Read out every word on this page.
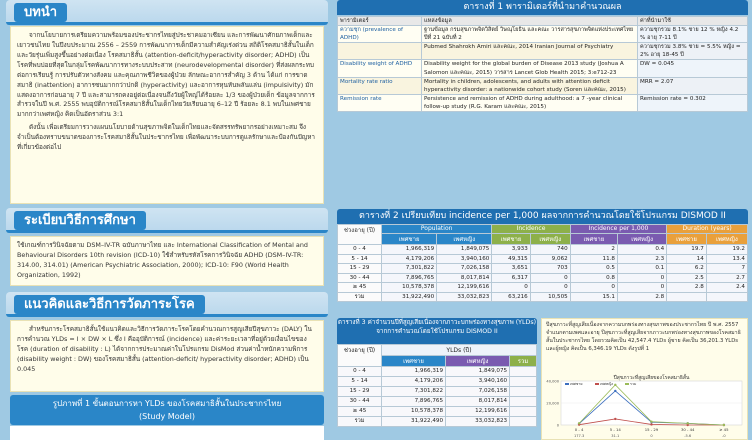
บทนำ

จากนโยบายการเตรียมความพร้อมของประชากรไทยสู่ประชาคมอาเซียน และการพัฒนาศักยภาพเด็กและเยาวชนไทย ในปีงบประมาณ 2556 – 2559 การพัฒนาการเด็กมีความสำคัญเร่งด่วน สถิติโรคสมาธิสั้นในเด็กและวัยรุ่นเพิ่มสูงขึ้นอย่างต่อเนื่อง โรคสมาธิสั้น (attention-deficit/hyperactivity disorder; ADHD) เป็นโรคที่พบบ่อยที่สุดในกลุ่มโรคพัฒนาการทางระบบประสาท (neurodevelopmental disorder) ที่ส่งผลกระทบต่อการเรียนรู้ การปรับตัวทางสังคม และคุณภาพชีวิตของผู้ป่วย ลักษณะอาการสำคัญ 3 ด้าน ได้แก่ การขาดสมาธิ (inattention) อาการซนมากกว่าปกติ (hyperactivity) และอาการหุนหันพลันแล่น (impulsivity) มักแสดงอาการก่อนอายุ 7 ปี และสามารถคงอยู่ต่อเนื่องจนถึงวัยผู้ใหญ่ได้ร้อยละ 1/3 ของผู้ป่วยเด็ก ข้อมูลจากการสำรวจในปี พ.ศ. 2555 พบอุบัติการณ์โรคสมาธิสั้นในเด็กไทยวัยเรียนอายุ 6–12 ปี ร้อยละ 8.1 พบในเพศชายมากกว่าเพศหญิง คิดเป็นอัตราส่วน 3:1

ดังนั้น เพื่อเตรียมการวางแผนนโยบายด้านสุขภาพจิตในเด็กไทยและจัดสรรทรัพยากรอย่างเหมาะสม จึงจำเป็นต้องทราบขนาดของภาระโรคสมาธิสั้นในประชากรไทย เพื่อพัฒนาระบบการดูแลรักษาและป้องกันปัญหาที่เกี่ยวข้องต่อไป

ระเบียบวิธีการศึกษา

ใช้เกณฑ์การวินิจฉัยตาม DSM–IV-TR ฉบับภาษาไทย และ International Classification of Mental and Behavioural Disorders 10th revision (ICD-10) ใช้สำหรับรหัสโรคการวินิจฉัย ADHD (DSM–IV-TR: 314.00, 314.01) (American Psychiatric Association, 2000); ICD-10: F90 (World Health Organization, 1992)

แนวคิดและวิธีการวัดภาระโรค

สำหรับภาระโรคสมาธิสั้นใช้แนวคิดและวิธีการวัดภาระโรคโดยคำนวณการสูญเสียปีสุขภาวะ (DALY) ในการคำนวณ YLDs = I × DW × L ซึ่ง I คืออุบัติการณ์ (incidence) และค่าระยะเวลาที่อยู่ด้วยเงื่อนไขของโรค (duration of disability : L) ได้จากการประมาณค่าในโปรแกรม DisMod ส่วนค่าน้ำหนักความพิการ (disability weight : DW) ของโรคสมาธิสั้น (attention-deficit/ hyperactivity disorder; ADHD) เป็น 0.045

รูปภาพที่ 1 ขั้นตอนการหา YLDs ของโรคสมาธิสั้นในประชากรไทย
(Study Model)
ตารางที่ 1 พารามิเตอร์ที่นำมาคำนวณผล
พารามิเตอร์	แหล่งข้อมูล	ค่าที่นำมาใช้
ความชุก (prevalence of ADHD)	ฐานข้อมูล กรมสุขภาพจิตวิสิตย์ วิษณุโยธิน และคณะ วารสารสุขภาพจิตแห่งประเทศไทย ปีที่ 21 ฉบับที่ 2	ความชุกรวม 8.1% ชาย 12 % หญิง 4.2 % อายุ 7-11 ปี
	Pubmed Shahrokh Amiri และคณะ, 2014 Iranian Journal of Psychiatry	ความชุกรวม 3.8% ชาย = 5.5% หญิง = 2% อายุ 18-45 ปี
Disability weight of ADHD	Disability weight for the global burden of Disease 2013 study (Joshua A Salomon และคณะ, 2015) วารสาร Lancet Glob Health 2015; 3:e712-23	DW = 0.045
Mortality rate ratio	Mortality in children, adolescents, and adults with attention deficit hyperactivity disorder: a nationwide cohort study (Soren และคณะ, 2015)	MRR = 2.07
Remission rate	Persistence and remission of ADHD during adulthood: a 7 -year clinical follow-up study (R.G. Karam และคณะ, 2015)	Remission rate = 0.302
ตารางที่ 2 เปรียบเทียบ incidence per 1,000 ผลจากการคำนวณโดยใช้โปรแกรม DISMOD II
ช่วงอายุ (ปี)	Population		Incidence		Incidence per 1,000		Duration (years)	
	เพศชาย	เพศหญิง	เพศชาย	เพศหญิง	เพศชาย	เพศหญิง	เพศชาย	เพศหญิง
0 - 4	1,966,319	1,849,075	3,933	740	2	0.4	19.7	19.2
5 - 14	4,179,206	3,940,160	49,315	9,062	11.8	2.3	14	13.4
15 - 29	7,301,822	7,026,158	3,651	703	0.5	0.1	6.2	7
30 - 44	7,896,765	8,017,814	6,317	0	0.8	0	2.5	2.7
≥ 45	10,578,378	12,199,616	0	0	0	0	2.8	2.4
รวม	31,922,490	33,032,823	63,216	10,505	15.1	2.8		
ตารางที่ 3 ค่าจำนวนปีที่สูญเสียเนื่องจากภาวะบกพร่องทางสุขภาพ (YLDs) จากการคำนวณโดยใช้โปรแกรม DISMOD II
ช่วงอายุ (ปี)	YLDs (ปี)		
	เพศชาย	เพศหญิง	รวม
0 - 4	1,966,319	1,849,075	
5 - 14	4,179,206	3,940,160	
15 - 29	7,301,822	7,026,158	
30 - 44	7,896,765	8,017,814	
≥ 45	10,578,378	12,199,616	
รวม	31,922,490	33,032,823	
ปีสุขภาวะที่สูญเสียเนื่องจากความบกพร่องทางสุขภาพของประชากรไทย ปี พ.ศ. 2557 จำแนกตามเพศและอายุ ปีสุขภาวะที่สูญเสียจากภาวะบกพร่องทางสุขภาพของโรคสมาธิสั้นในประชากรไทย โดยรวมคิดเป็น 42,547.4 YLDs ผู้ชาย คิดเป็น 36,201.3 YLDs และผู้หญิง คิดเป็น 6,346.19 YLDs ดังรูปที่ 1
ปีสุขภาวะที่สูญเสียของโรคสมาธิสั้น
0
20,000
40,000
0 - 4
177.3
5 - 14
31.1
15 - 29
0
30 - 44
-5.6
≥ 45
-0
เพศชาย	เพศหญิง	รวม
